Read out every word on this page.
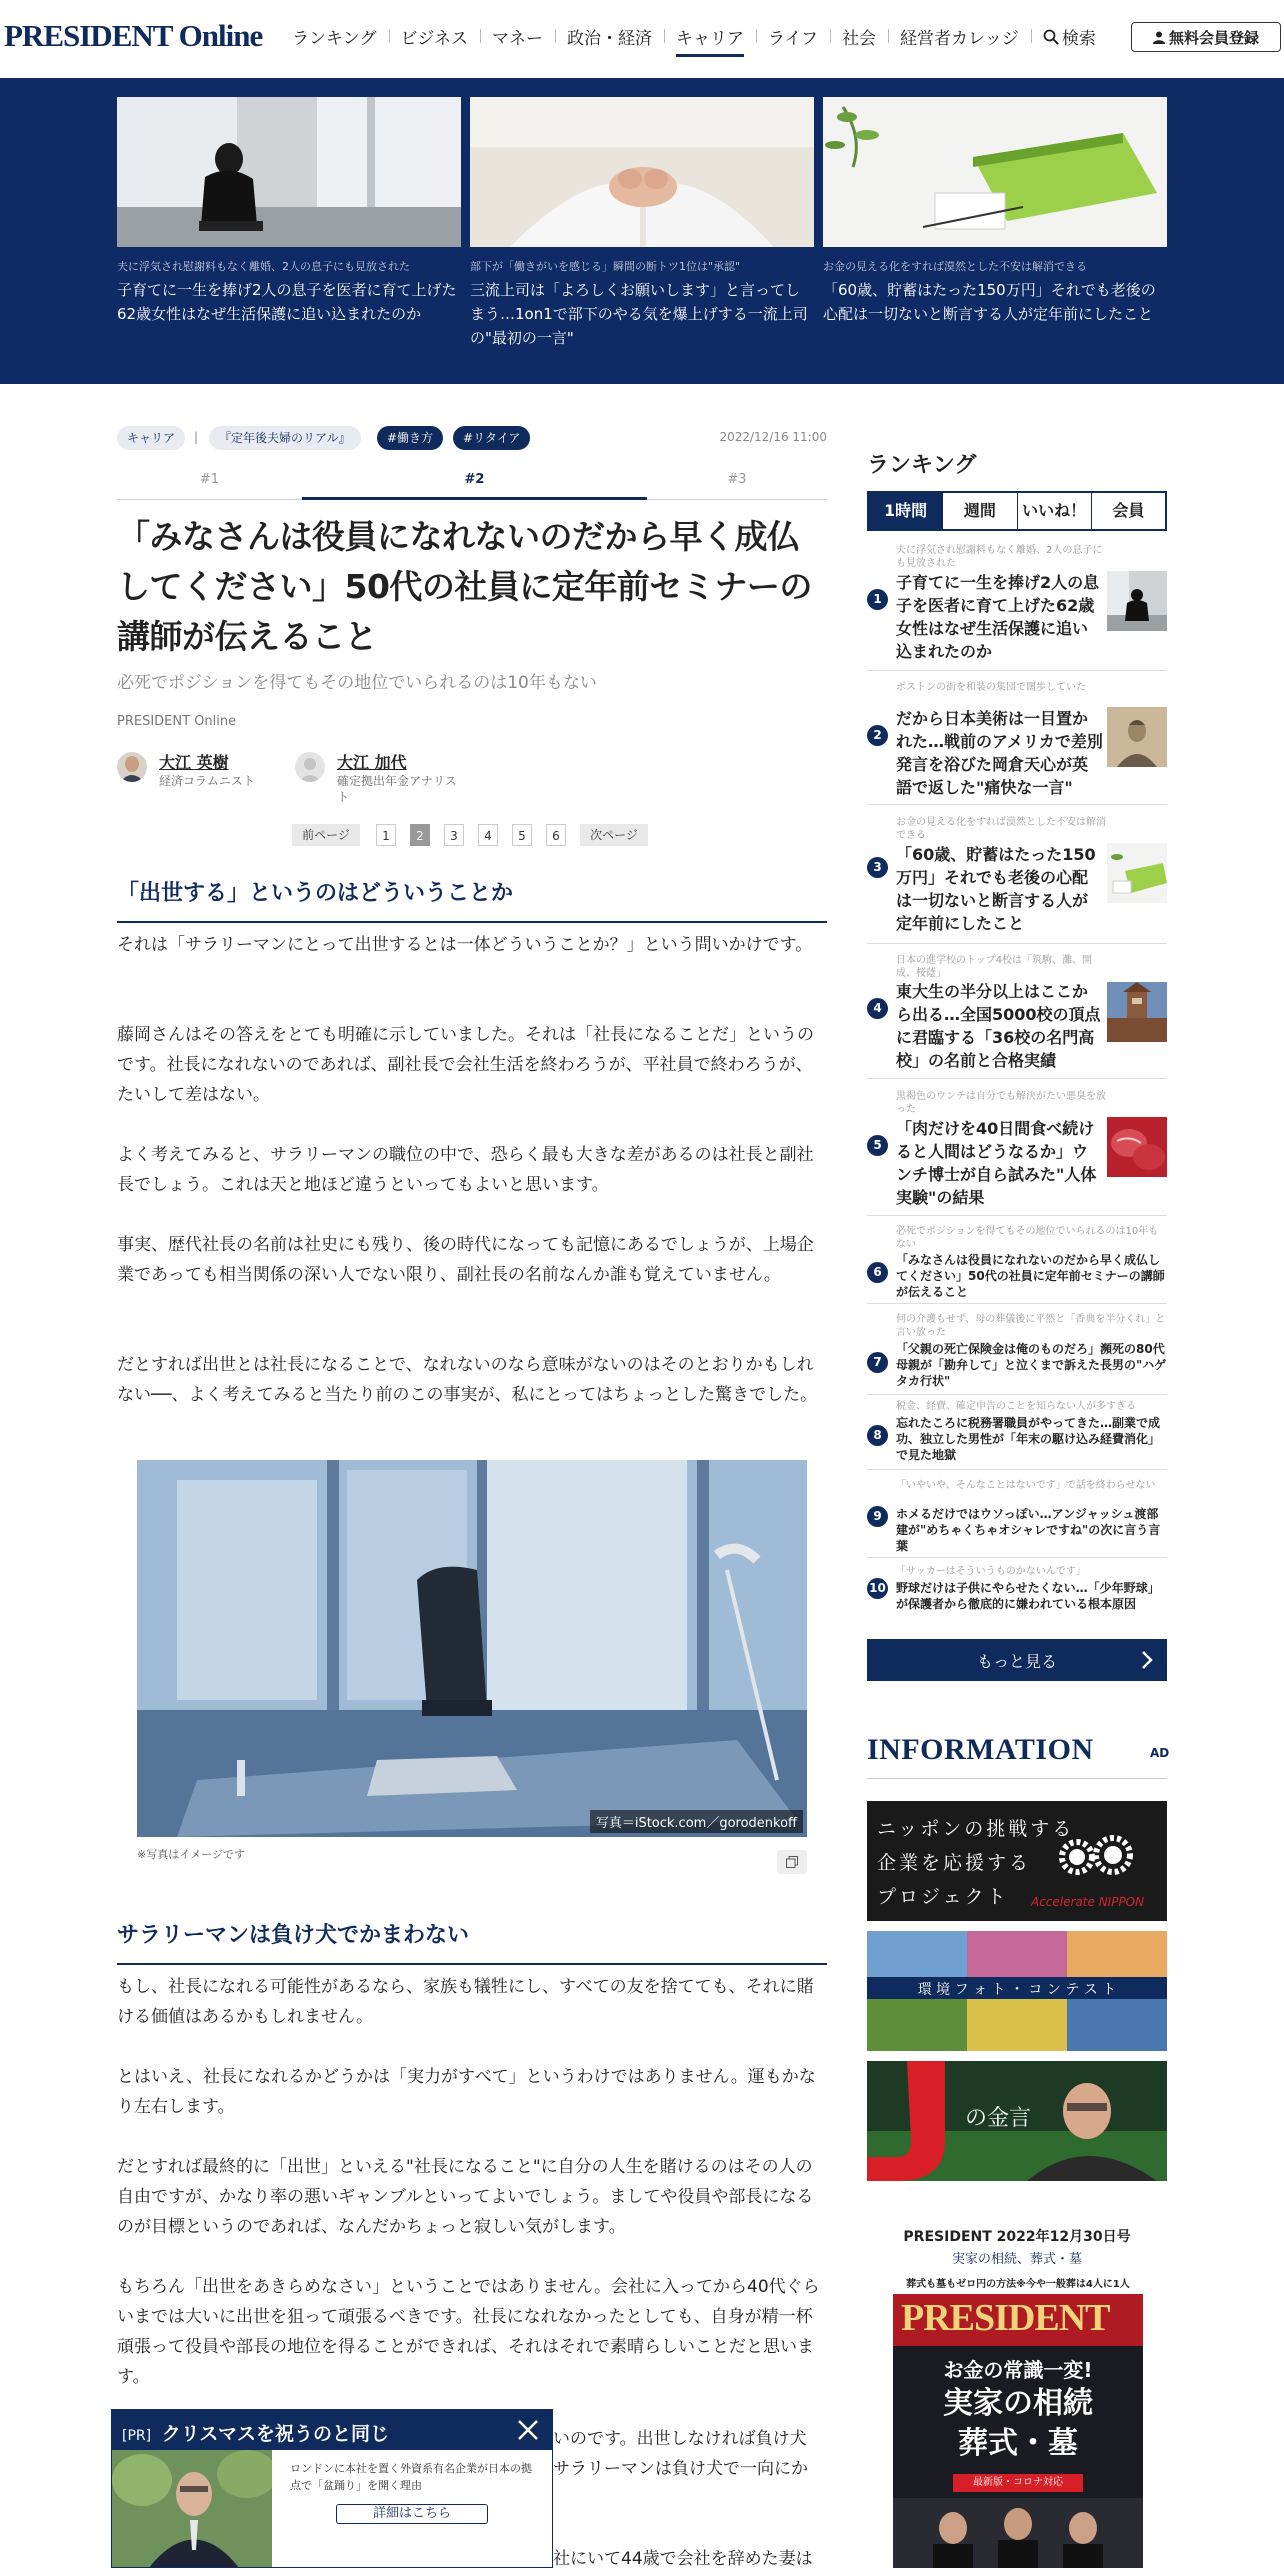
PRESIDENT Online	ランキング	ビジネス	マネー	政治・経済	キャリア	ライフ	社会	経営者カレッジ	検索	無料会員登録
夫に浮気され慰謝料もなく離婚、2人の息子にも見放された
子育てに一生を捧げ2人の息子を医者に育て上げた62歳女性はなぜ生活保護に追い込まれたのか
部下が「働きがいを感じる」瞬間の断トツ1位は"承認"
三流上司は「よろしくお願いします」と言ってしまう…1on1で部下のやる気を爆上げする一流上司の"最初の一言"
お金の見える化をすれば漠然とした不安は解消できる
「60歳、貯蓄はたった150万円」それでも老後の心配は一切ないと断言する人が定年前にしたこと
キャリア	|	『定年後夫婦のリアル』	#働き方	#リタイア	2022/12/16 11:00
#1	#2	#3
「みなさんは役員になれないのだから早く成仏してください」50代の社員に定年前セミナーの講師が伝えること
必死でポジションを得てもその地位でいられるのは10年もない
PRESIDENT Online
大江 英樹
経済コラムニスト
大江 加代
確定拠出年金アナリスト
前ページ	1	2	3	4	5	6	次ページ
「出世する」というのはどういうことか

それは「サラリーマンにとって出世するとは一体どういうことか？」という問いかけです。

藤岡さんはその答えをとても明確に示していました。それは「社長になることだ」というのです。社長になれないのであれば、副社長で会社生活を終わろうが、平社員で終わろうが、たいして差はない。

よく考えてみると、サラリーマンの職位の中で、恐らく最も大きな差があるのは社長と副社長でしょう。これは天と地ほど違うといってもよいと思います。

事実、歴代社長の名前は社史にも残り、後の時代になっても記憶にあるでしょうが、上場企業であっても相当関係の深い人でない限り、副社長の名前なんか誰も覚えていません。

だとすれば出世とは社長になることで、なれないのなら意味がないのはそのとおりかもしれない──、よく考えてみると当たり前のこの事実が、私にとってはちょっとした驚きでした。

写真＝iStock.com／gorodenkoff
※写真はイメージです
サラリーマンは負け犬でかまわない

もし、社長になれる可能性があるなら、家族も犠牲にし、すべての友を捨てても、それに賭ける価値はあるかもしれません。

とはいえ、社長になれるかどうかは「実力がすべて」というわけではありません。運もかなり左右します。

だとすれば最終的に「出世」といえる"社長になること"に自分の人生を賭けるのはその人の自由ですが、かなり率の悪いギャンブルといってよいでしょう。ましてや役員や部長になるのが目標というのであれば、なんだかちょっと寂しい気がします。

もちろん「出世をあきらめなさい」ということではありません。会社に入ってから40代ぐらいまでは大いに出世を狙って頑張るべきです。社長になれなかったとしても、自身が精一杯頑張って役員や部長の地位を得ることができれば、それはそれで素晴らしいことだと思います。

いのです。出世しなければ負け犬

サラリーマンは負け犬で一向にか

社にいて44歳で会社を辞めた妻は

[PR] クリスマスを祝うのと同じ
ロンドンに本社を置く外資系有名企業が日本の拠点で「盆踊り」を開く理由
詳細はこちら
ランキング
1時間	週間	いいね！	会員
1
夫に浮気され慰謝料もなく離婚、2人の息子にも見放された
子育てに一生を捧げ2人の息子を医者に育て上げた62歳女性はなぜ生活保護に追い込まれたのか
2
ボストンの街を和装の集団で闊歩していた
だから日本美術は一目置かれた…戦前のアメリカで差別発言を浴びた岡倉天心が英語で返した"痛快な一言"
3
お金の見える化をすれば漠然とした不安は解消できる
「60歳、貯蓄はたった150万円」それでも老後の心配は一切ないと断言する人が定年前にしたこと
4
日本の進学校のトップ4校は「筑駒、灘、開成、桜蔭」
東大生の半分以上はここから出る…全国5000校の頂点に君臨する「36校の名門高校」の名前と合格実績
5
黒褐色のウンチは自分でも解決がたい悪臭を放った
「肉だけを40日間食べ続けると人間はどうなるか」ウンチ博士が自ら試みた"人体実験"の結果
6
必死でポジションを得てもその地位でいられるのは10年もない
「みなさんは役員になれないのだから早く成仏してください」50代の社員に定年前セミナーの講師が伝えること
7
何の介護もせず、母の葬儀後に平然と「香典を半分くれ」と言い放った
「父親の死亡保険金は俺のものだろ」瀕死の80代母親が「勘弁して」と泣くまで訴えた長男の"ハゲタカ行状"
8
税金、経費、確定申告のことを知らない人が多すぎる
忘れたころに税務署職員がやってきた…副業で成功、独立した男性が「年末の駆け込み経費消化」で見た地獄
9
「いやいや、そんなことはないです」で話を終わらせない
ホメるだけではウソっぽい…アンジャッシュ渡部建が"めちゃくちゃオシャレですね"の次に言う言葉
10
「サッカーはそういうものかないんです」
野球だけは子供にやらせたくない…「少年野球」が保護者から徹底的に嫌われている根本原因
もっと見る
INFORMATION	AD
ニッポンの挑戦する
企業を応援する
プロジェクト	Accelerate NIPPON
環 境 フ ォ ト ・ コ ン テ ス ト
の金言
PRESIDENT 2022年12月30日号
実家の相続、葬式・墓
葬式も墓もゼロ円の方法※今や一般葬は4人に1人
PRESIDENT
お金の常識一変!
実家の相続
葬式・墓
最新版・コロナ対応
